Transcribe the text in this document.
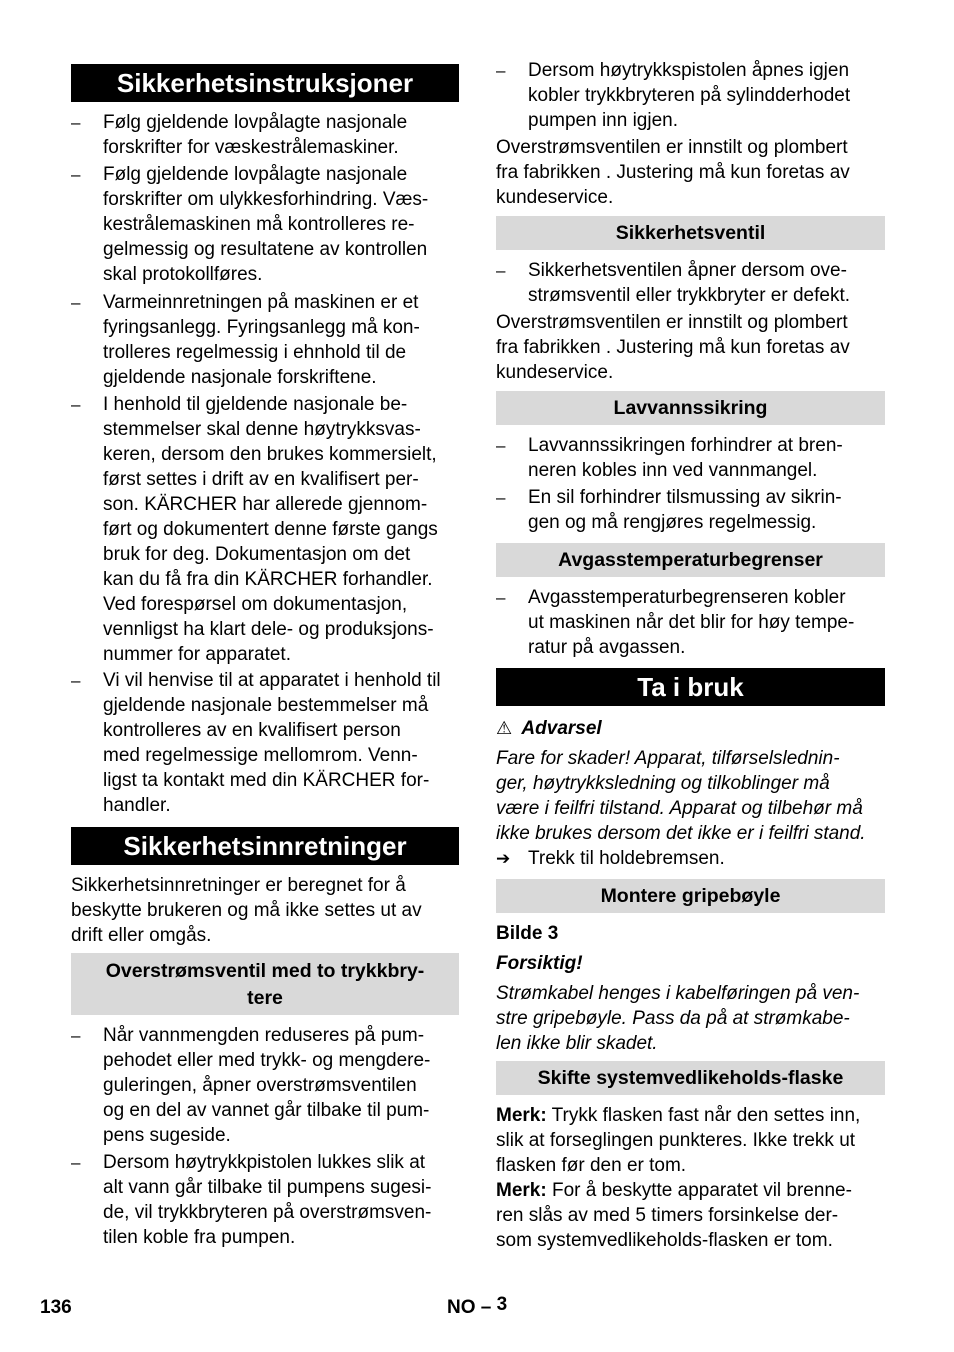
Sikkerhetsinstruksjoner
– Følg gjeldende lovpålagte nasjonale
forskrifter for væskestrålemaskiner.
– Følg gjeldende lovpålagte nasjonale
forskrifter om ulykkesforhindring. Væs-
kestrålemaskinen må kontrolleres re-
gelmessig og resultatene av kontrollen
skal protokollføres.
– Varmeinnretningen på maskinen er et
fyringsanlegg. Fyringsanlegg må kon-
trolleres regelmessig i ehnhold til de
gjeldende nasjonale forskriftene.
– I henhold til gjeldende nasjonale be-
stemmelser skal denne høytrykksvas-
keren, dersom den brukes kommersielt,
først settes i drift av en kvalifisert per-
son. KÄRCHER har allerede gjennom-
ført og dokumentert denne første gangs
bruk for deg. Dokumentasjon om det
kan du få fra din KÄRCHER forhandler.
Ved forespørsel om dokumentasjon,
vennligst ha klart dele- og produksjons-
nummer for apparatet.
– Vi vil henvise til at apparatet i henhold til
gjeldende nasjonale bestemmelser må
kontrolleres av en kvalifisert person
med regelmessige mellomrom. Venn-
ligst ta kontakt med din KÄRCHER for-
handler.
Sikkerhetsinnretninger
Sikkerhetsinnretninger er beregnet for å
beskytte brukeren og må ikke settes ut av
drift eller omgås.
Overstrømsventil med to trykkbry-
tere
– Når vannmengden reduseres på pum-
pehodet eller med trykk- og mengdere-
guleringen, åpner overstrømsventilen
og en del av vannet går tilbake til pum-
pens sugeside.
– Dersom høytrykkpistolen lukkes slik at
alt vann går tilbake til pumpens sugesi-
de, vil trykkbryteren på overstrømsven-
tilen koble fra pumpen.
– Dersom høytrykkspistolen åpnes igjen
kobler trykkbryteren på sylindderhodet
pumpen inn igjen.
Overstrømsventilen er innstilt og plombert
fra fabrikken . Justering må kun foretas av
kundeservice.
Sikkerhetsventil
– Sikkerhetsventilen åpner dersom ove-
strømsventil eller trykkbryter er defekt.
Overstrømsventilen er innstilt og plombert
fra fabrikken . Justering må kun foretas av
kundeservice.
Lavvannssikring
– Lavvannssikringen forhindrer at bren-
neren kobles inn ved vannmangel.
– En sil forhindrer tilsmussing av sikrin-
gen og må rengjøres regelmessig.
Avgasstemperaturbegrenser
– Avgasstemperaturbegrenseren kobler
ut maskinen når det blir for høy tempe-
ratur på avgassen.
Ta i bruk
⚠ Advarsel
Fare for skader! Apparat, tilførselslednin-
ger, høytrykksledning og tilkoblinger må
være i feilfri tilstand. Apparat og tilbehør må
ikke brukes dersom det ikke er i feilfri stand.
➔ Trekk til holdebremsen.
Montere gripebøyle
Bilde 3
Forsiktig!
Strømkabel henges i kabelføringen på ven-
stre gripebøyle. Pass da på at strømkabe-
len ikke blir skadet.
Skifte systemvedlikeholds-flaske
Merk: Trykk flasken fast når den settes inn,
slik at forseglingen punkteres. Ikke trekk ut
flasken før den er tom.
Merk: For å beskytte apparatet vil brenne-
ren slås av med 5 timers forsinkelse der-
som systemvedlikeholds-flasken er tom.
136	NO – 3
